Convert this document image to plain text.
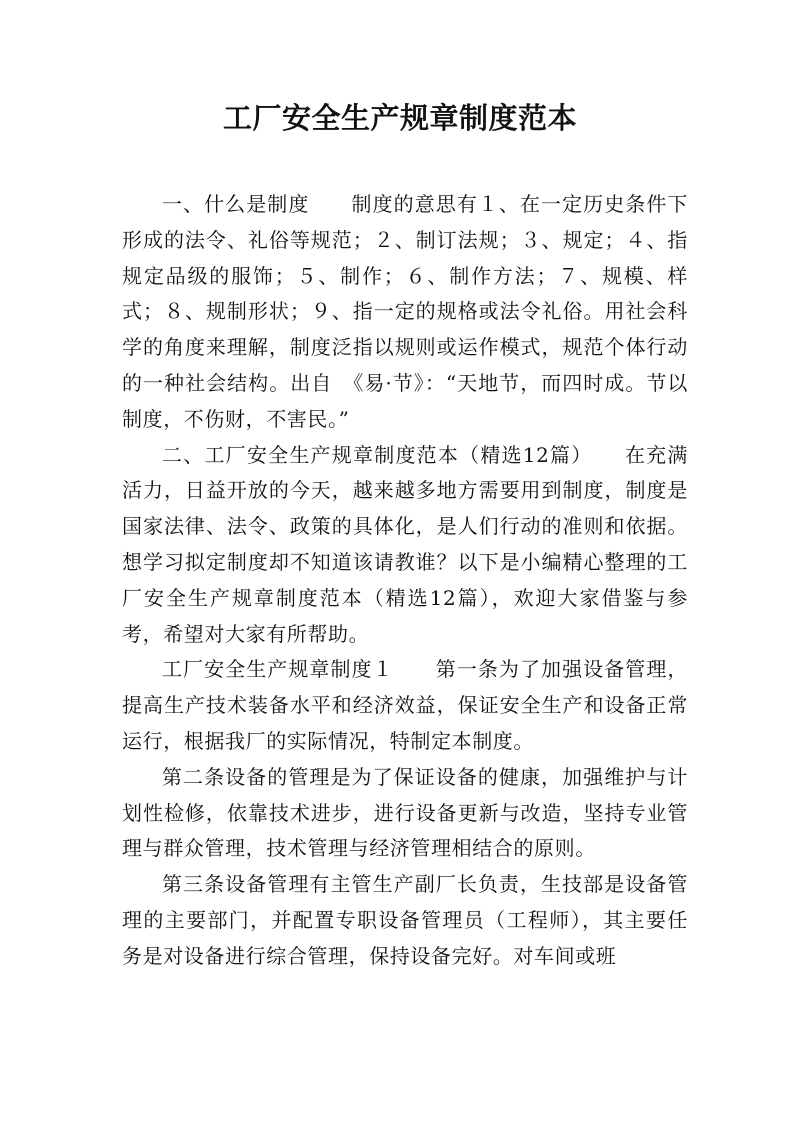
工厂安全生产规章制度范本

一、什么是制度　　制度的意思有１、在一定历史条件下形成的法令、礼俗等规范；２、制订法规；３、规定；４、指规定品级的服饰；５、制作；６、制作方法；７、规模、样式；８、规制形状；９、指一定的规格或法令礼俗。用社会科学的角度来理解，制度泛指以规则或运作模式，规范个体行动的一种社会结构。出自　《易·节》：“天地节，而四时成。节以制度，不伤财，不害民。”

二、工厂安全生产规章制度范本（精选12篇）　　在充满活力，日益开放的今天，越来越多地方需要用到制度，制度是国家法律、法令、政策的具体化，是人们行动的准则和依据。想学习拟定制度却不知道该请教谁？以下是小编精心整理的工厂安全生产规章制度范本（精选12篇），欢迎大家借鉴与参考，希望对大家有所帮助。

工厂安全生产规章制度１　　第一条为了加强设备管理，提高生产技术装备水平和经济效益，保证安全生产和设备正常运行，根据我厂的实际情况，特制定本制度。

第二条设备的管理是为了保证设备的健康，加强维护与计划性检修，依靠技术进步，进行设备更新与改造，坚持专业管理与群众管理，技术管理与经济管理相结合的原则。

第三条设备管理有主管生产副厂长负责，生技部是设备管理的主要部门，并配置专职设备管理员（工程师），其主要任务是对设备进行综合管理，保持设备完好。对车间或班
